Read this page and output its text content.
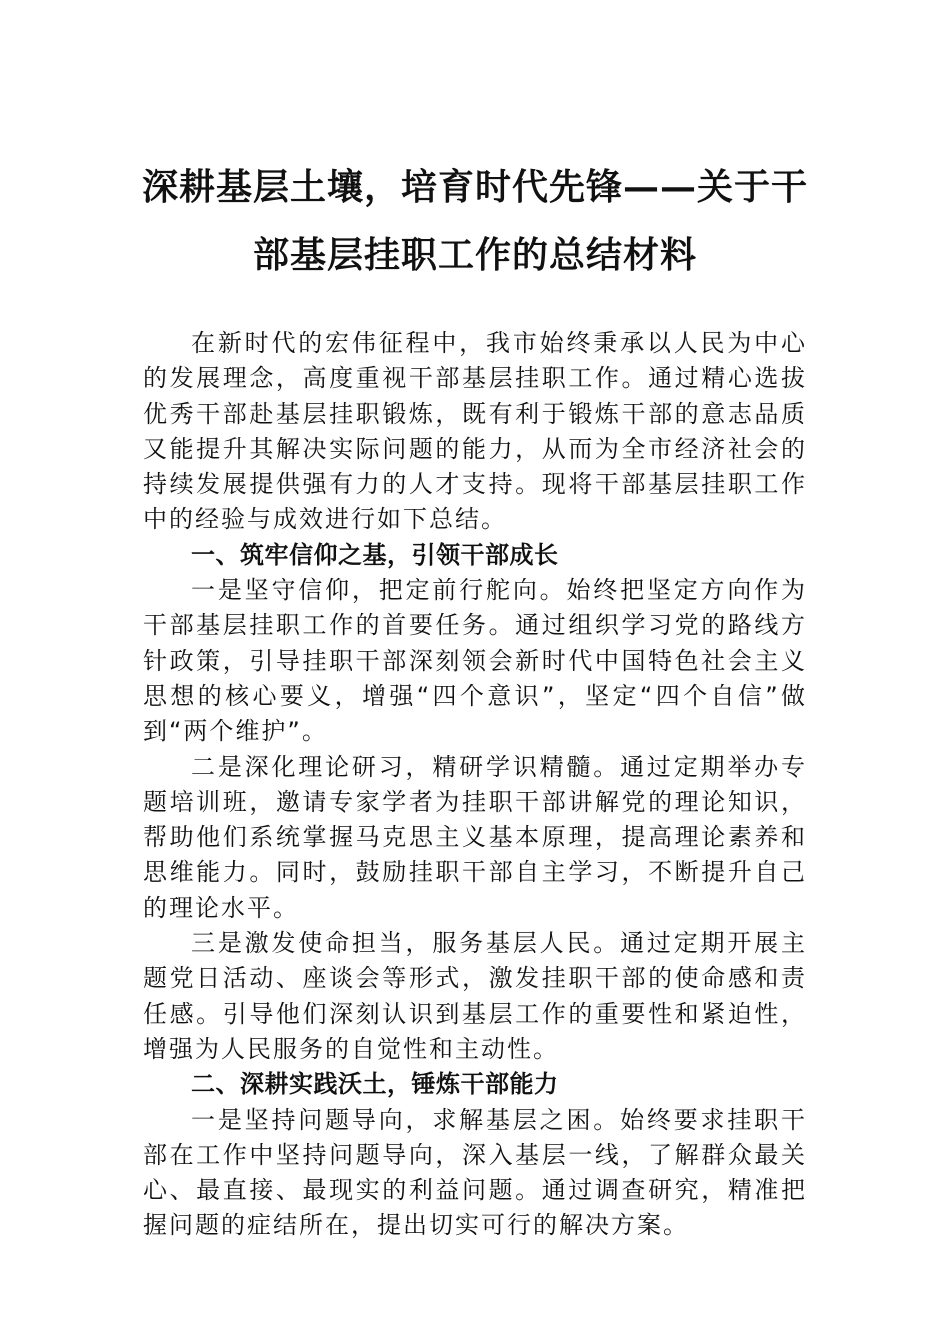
深耕基层土壤，培育时代先锋——关于干
部基层挂职工作的总结材料

在新时代的宏伟征程中，我市始终秉承以人民为中心的发展理念，高度重视干部基层挂职工作。通过精心选拔优秀干部赴基层挂职锻炼，既有利于锻炼干部的意志品质又能提升其解决实际问题的能力，从而为全市经济社会的持续发展提供强有力的人才支持。现将干部基层挂职工作中的经验与成效进行如下总结。

一、筑牢信仰之基，引领干部成长

一是坚守信仰，把定前行舵向。始终把坚定方向作为干部基层挂职工作的首要任务。通过组织学习党的路线方针政策，引导挂职干部深刻领会新时代中国特色社会主义思想的核心要义，增强“四个意识”，坚定“四个自信”做到“两个维护”。

二是深化理论研习，精研学识精髓。通过定期举办专题培训班，邀请专家学者为挂职干部讲解党的理论知识，帮助他们系统掌握马克思主义基本原理，提高理论素养和思维能力。同时，鼓励挂职干部自主学习，不断提升自己的理论水平。

三是激发使命担当，服务基层人民。通过定期开展主题党日活动、座谈会等形式，激发挂职干部的使命感和责任感。引导他们深刻认识到基层工作的重要性和紧迫性，增强为人民服务的自觉性和主动性。

二、深耕实践沃土，锤炼干部能力

一是坚持问题导向，求解基层之困。始终要求挂职干部在工作中坚持问题导向，深入基层一线，了解群众最关心、最直接、最现实的利益问题。通过调查研究，精准把握问题的症结所在，提出切实可行的解决方案。
